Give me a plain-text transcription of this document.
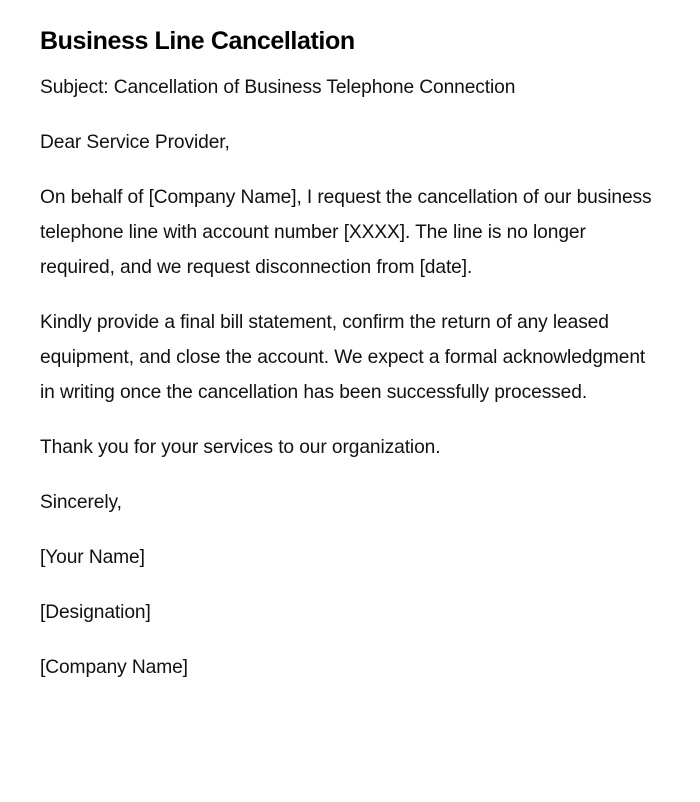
Business Line Cancellation

Subject: Cancellation of Business Telephone Connection

Dear Service Provider,

On behalf of [Company Name], I request the cancellation of our business telephone line with account number [XXXX]. The line is no longer required, and we request disconnection from [date].

Kindly provide a final bill statement, confirm the return of any leased equipment, and close the account. We expect a formal acknowledgment in writing once the cancellation has been successfully processed.

Thank you for your services to our organization.

Sincerely,

[Your Name]

[Designation]

[Company Name]
